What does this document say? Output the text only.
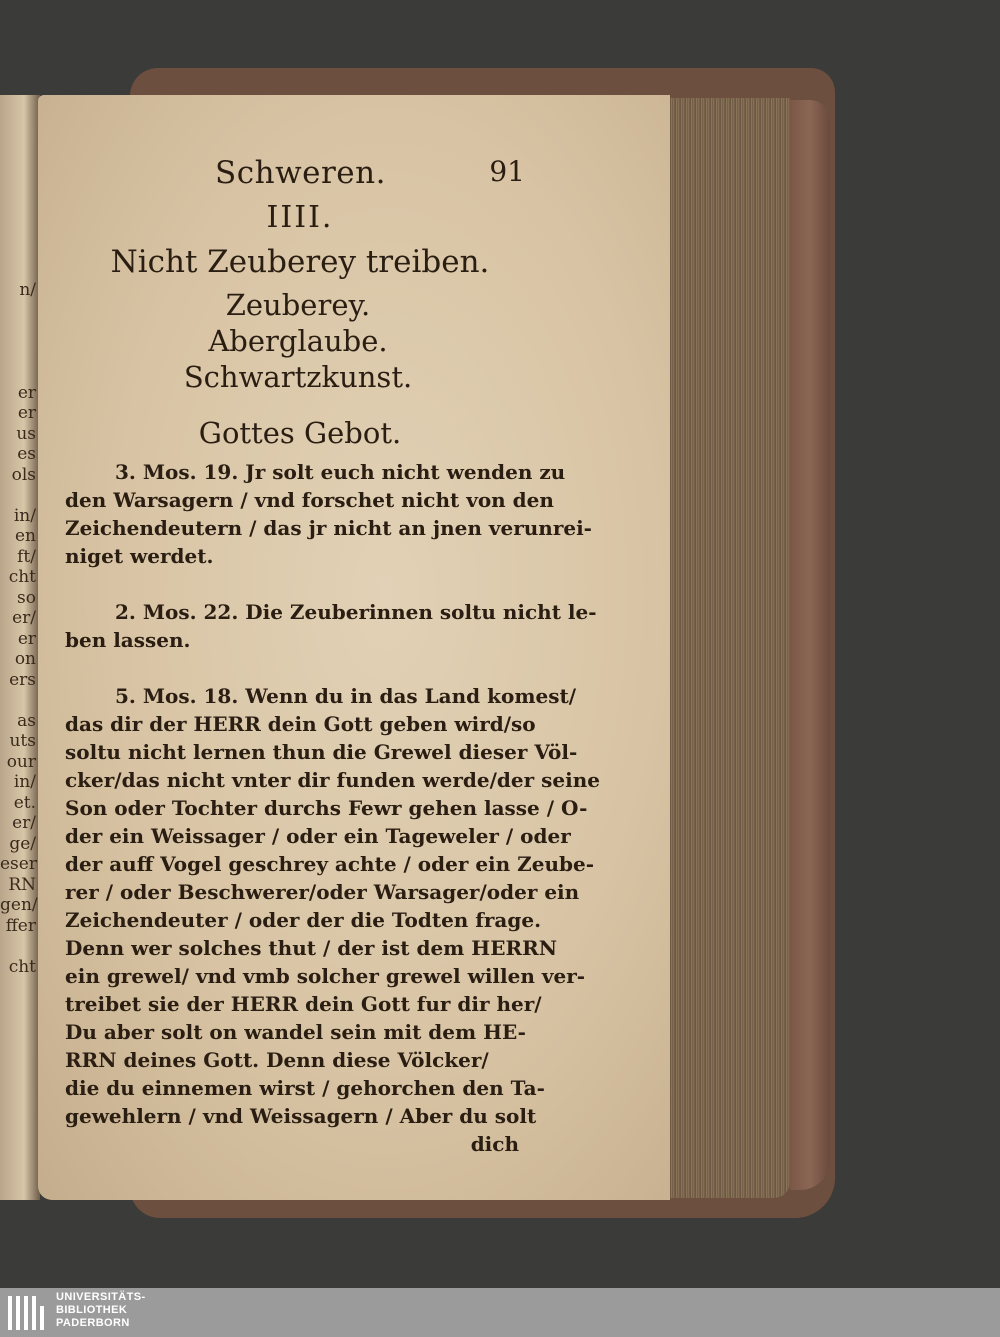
n/
er
er
us
es
ols
in/
en
ft/
cht
so
er/
er
on
ers
as
uts
our
in/
et.
er/
ge/
eser
RN
gen/
ffer
cht
Schweren.	91
IIII.
Nicht Zeuberey treiben.
Zeuberey.
Aberglaube.
Schwartzkunst.
Gottes Gebot.
3. Mos. 19. Jr solt euch nicht wenden zu
den Warsagern / vnd forschet nicht von den
Zeichendeutern / das jr nicht an jnen verunrei-
niget werdet.
2. Mos. 22. Die Zeuberinnen soltu nicht le-
ben lassen.
5. Mos. 18. Wenn du in das Land komest/
das dir der HERR dein Gott geben wird/so
soltu nicht lernen thun die Grewel dieser Völ-
cker/das nicht vnter dir funden werde/der seine
Son oder Tochter durchs Fewr gehen lasse / O-
der ein Weissager / oder ein Tageweler / oder
der auff Vogel geschrey achte / oder ein Zeube-
rer / oder Beschwerer/oder Warsager/oder ein
Zeichendeuter / oder der die Todten frage.
Denn wer solches thut / der ist dem HERRN
ein grewel/ vnd vmb solcher grewel willen ver-
treibet sie der HERR dein Gott fur dir her/
Du aber solt on wandel sein mit dem HE-
RRN deines Gott. Denn diese Völcker/
die du einnemen wirst / gehorchen den Ta-
gewehlern / vnd Weissagern / Aber du solt
dich
UNIVERSITÄTS-
BIBLIOTHEK
PADERBORN
